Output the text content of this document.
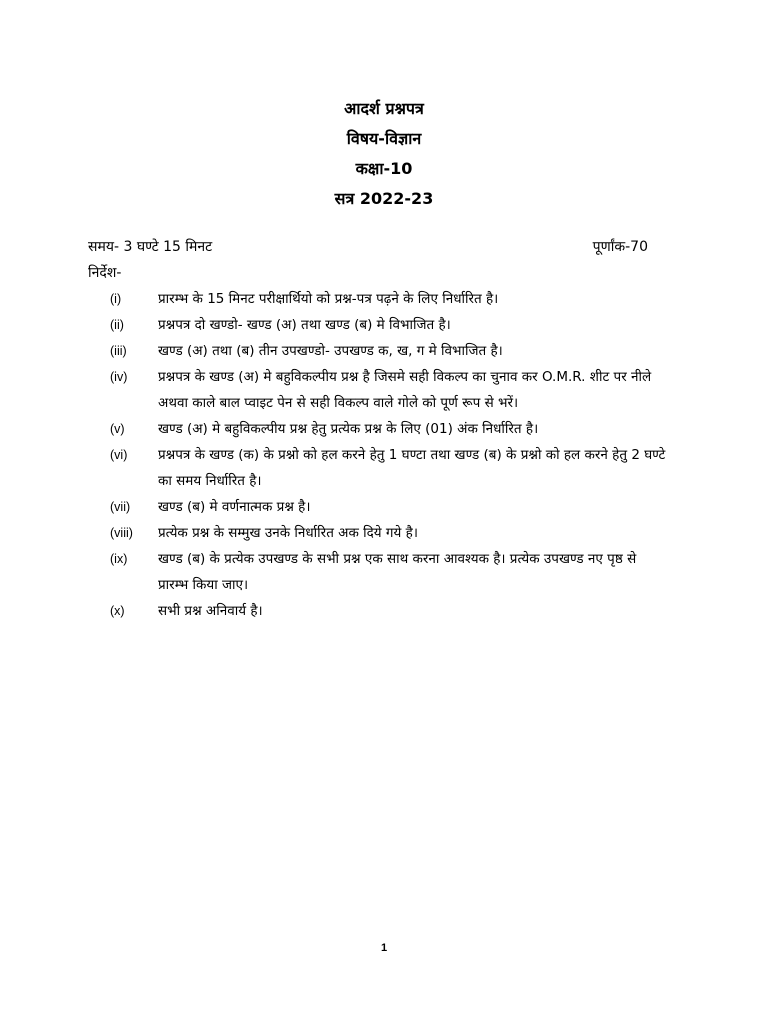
आदर्श प्रश्नपत्र
विषय-विज्ञान
कक्षा-10
सत्र 2022-23
समय- 3 घण्टे 15 मिनट	पूर्णांक-70
निर्देश-
(i)	प्रारम्भ के 15 मिनट परीक्षार्थियो को प्रश्न-पत्र पढ़ने के लिए निर्धारित है।
(ii)	प्रश्नपत्र दो खण्डो- खण्ड (अ) तथा खण्ड (ब) मे विभाजित है।
(iii)	खण्ड (अ) तथा (ब) तीन उपखण्डो- उपखण्ड क, ख, ग मे विभाजित है।
(iv)	प्रश्नपत्र के खण्ड (अ) मे बहुविकल्पीय प्रश्न है जिसमे सही विकल्प का चुनाव कर O.M.R. शीट पर नीले अथवा काले बाल प्वाइट पेन से सही विकल्प वाले गोले को पूर्ण रूप से भरें।
(v)	खण्ड (अ) मे बहुविकल्पीय प्रश्न हेतु प्रत्येक प्रश्न के लिए (01) अंक निर्धारित है।
(vi)	प्रश्नपत्र के खण्ड (क) के प्रश्नो को हल करने हेतु 1 घण्टा तथा खण्ड (ब) के प्रश्नो को हल करने हेतु 2 घण्टे का समय निर्धारित है।
(vii)	खण्ड (ब) मे वर्णनात्मक प्रश्न है।
(viii)	प्रत्येक प्रश्न के सम्मुख उनके निर्धारित अक दिये गये है।
(ix)	खण्ड (ब) के प्रत्येक उपखण्ड के सभी प्रश्न एक साथ करना आवश्यक है। प्रत्येक उपखण्ड नए पृष्ठ से प्रारम्भ किया जाए।
(x)	सभी प्रश्न अनिवार्य है।
1
